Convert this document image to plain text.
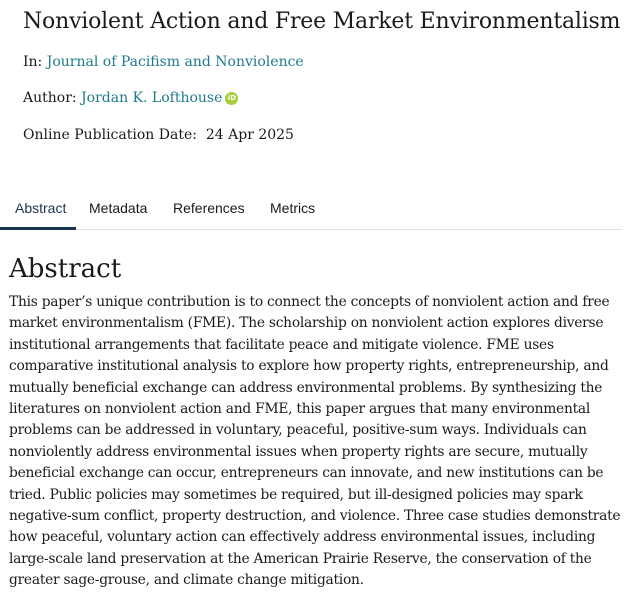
Nonviolent Action and Free Market Environmentalism
In: Journal of Pacifism and Nonviolence
Author: Jordan K. Lofthouse iD
Online Publication Date: 24 Apr 2025
Abstract Metadata References Metrics
Abstract

This paper’s unique contribution is to connect the concepts of nonviolent action and free market environmentalism (FME). The scholarship on nonviolent action explores diverse institutional arrangements that facilitate peace and mitigate violence. FME uses comparative institutional analysis to explore how property rights, entrepreneurship, and mutually beneficial exchange can address environmental problems. By synthesizing the literatures on nonviolent action and FME, this paper argues that many environmental problems can be addressed in voluntary, peaceful, positive-sum ways. Individuals can nonviolently address environmental issues when property rights are secure, mutually beneficial exchange can occur, entrepreneurs can innovate, and new institutions can be tried. Public policies may sometimes be required, but ill-designed policies may spark negative-sum conflict, property destruction, and violence. Three case studies demonstrate how peaceful, voluntary action can effectively address environmental issues, including large-scale land preservation at the American Prairie Reserve, the conservation of the greater sage-grouse, and climate change mitigation.
